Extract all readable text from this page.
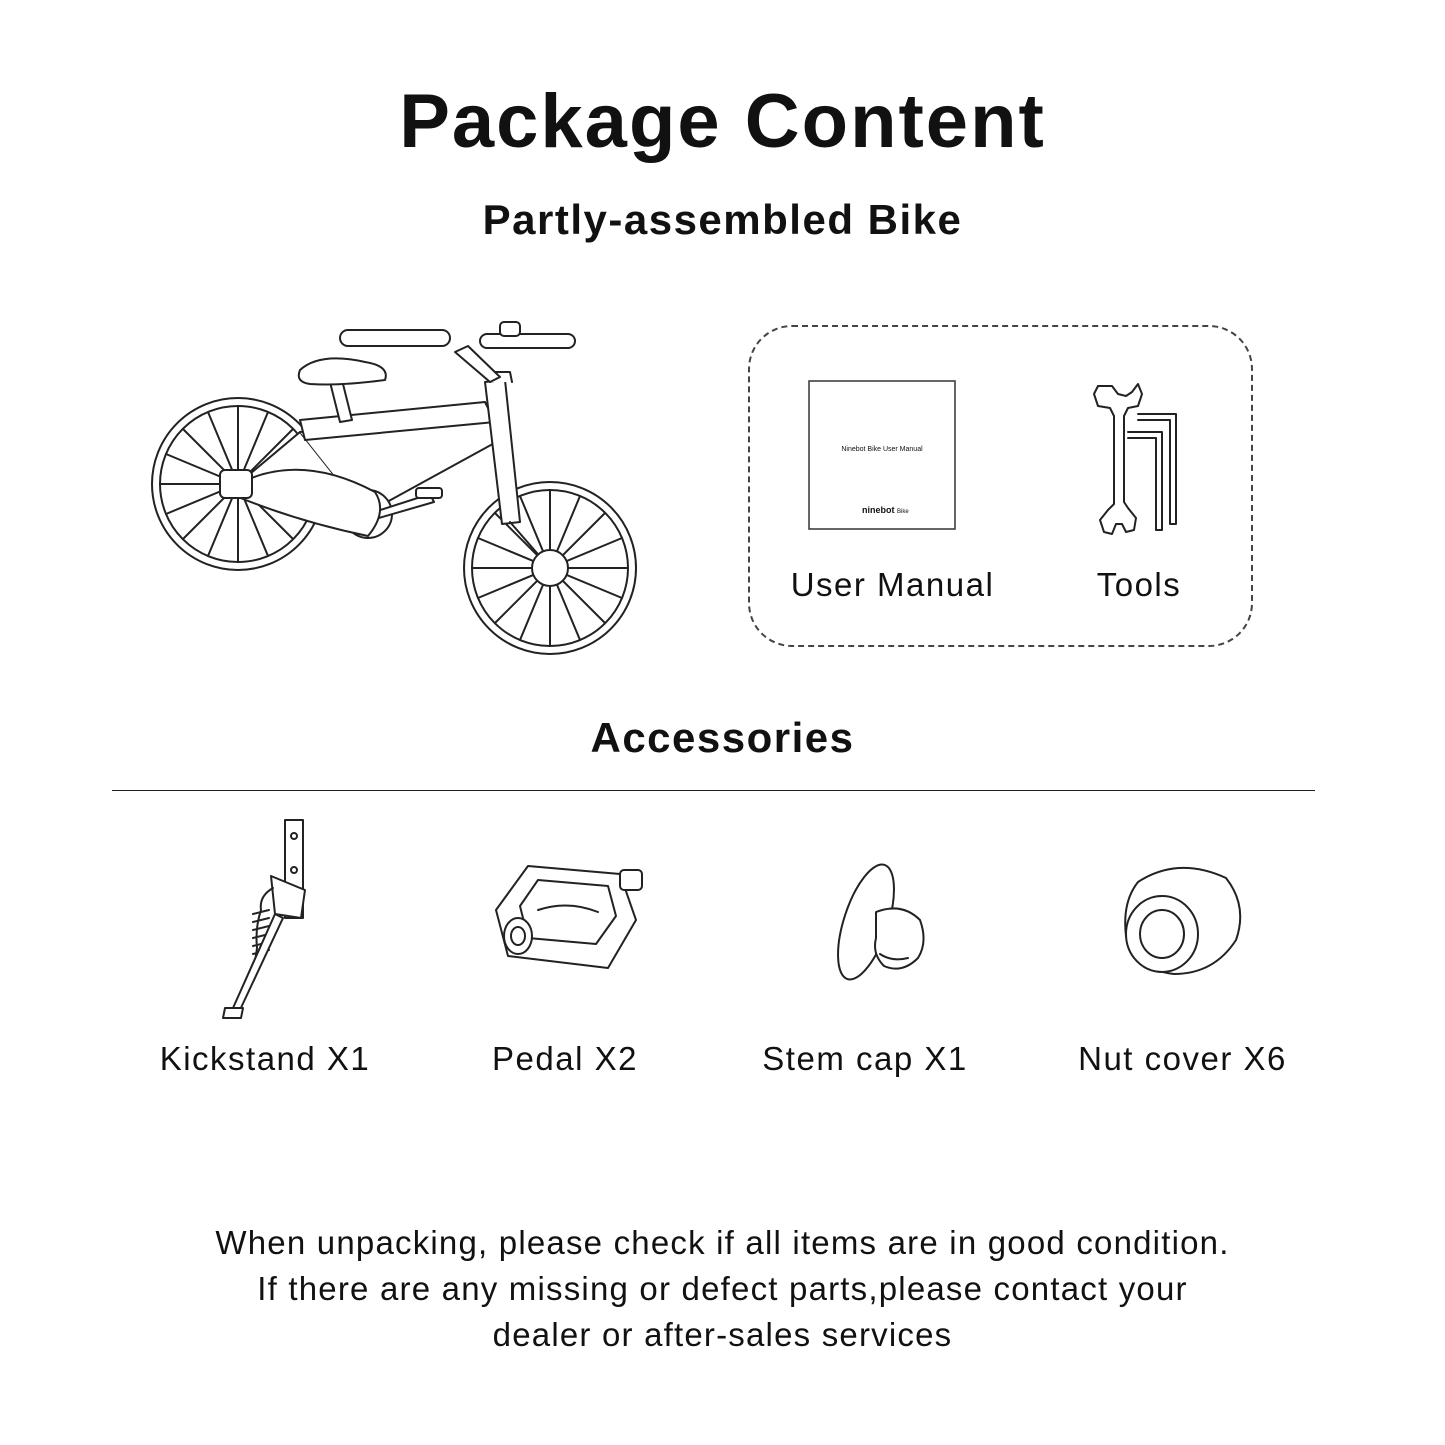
Package Content
Partly-assembled Bike
Ninebot Bike User Manual
ninebot Bike
User Manual	Tools
Accessories
Kickstand X1	Pedal X2	Stem cap X1	Nut cover X6
When unpacking, please check if all items are in good condition.
If there are any missing or defect parts,please contact your
dealer or after-sales services
